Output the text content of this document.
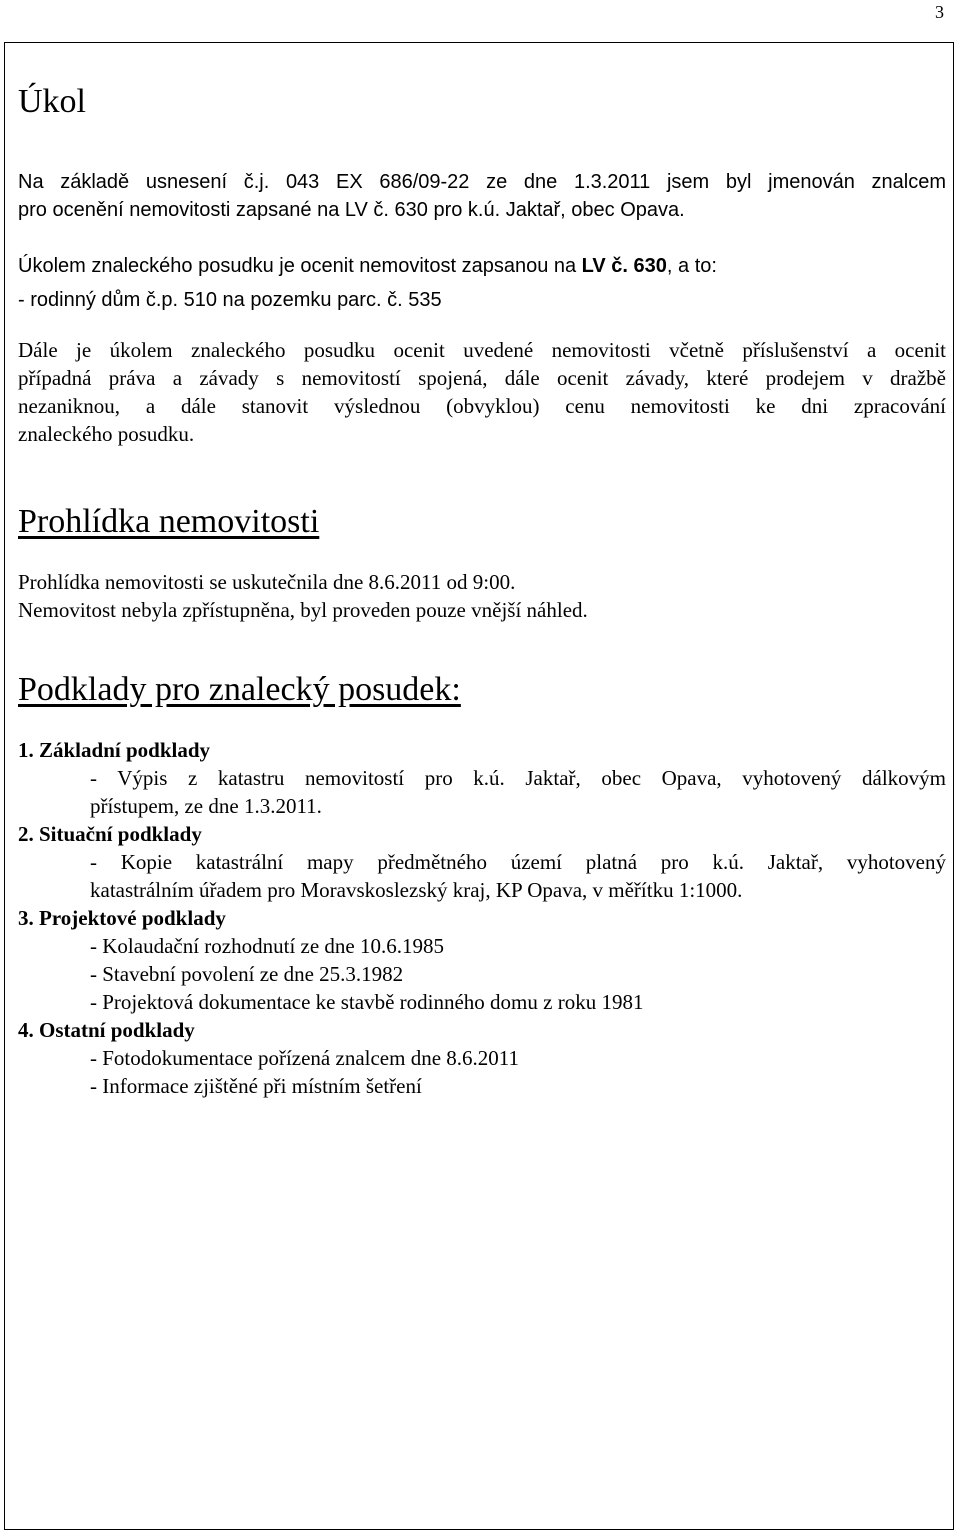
3
Úkol

Na základě usnesení č.j. 043 EX 686/09-22 ze dne 1.3.2011 jsem byl jmenován znalcem

pro ocenění nemovitosti zapsané na LV č. 630 pro k.ú. Jaktař, obec Opava.

Úkolem znaleckého posudku je ocenit nemovitost zapsanou na LV č. 630, a to:

- rodinný dům č.p. 510 na pozemku parc. č. 535

Dále je úkolem znaleckého posudku ocenit uvedené nemovitosti včetně příslušenství a ocenit

případná práva a závady s nemovitostí spojená, dále ocenit závady, které prodejem v dražbě

nezaniknou, a dále stanovit výslednou (obvyklou) cenu nemovitosti ke dni zpracování

znaleckého posudku.

Prohlídka nemovitosti

Prohlídka nemovitosti se uskutečnila dne 8.6.2011 od 9:00.

Nemovitost nebyla zpřístupněna, byl proveden pouze vnější náhled.

Podklady pro znalecký posudek:

1. Základní podklady

- Výpis z katastru nemovitostí pro k.ú. Jaktař, obec Opava, vyhotovený dálkovým

přístupem, ze dne 1.3.2011.

2. Situační podklady

- Kopie katastrální mapy předmětného území platná pro k.ú. Jaktař, vyhotovený

katastrálním úřadem pro Moravskoslezský kraj, KP Opava, v měřítku 1:1000.

3. Projektové podklady

- Kolaudační rozhodnutí ze dne 10.6.1985

- Stavební povolení ze dne 25.3.1982

- Projektová dokumentace ke stavbě rodinného domu z roku 1981

4. Ostatní podklady

- Fotodokumentace pořízená znalcem dne 8.6.2011

- Informace zjištěné při místním šetření
